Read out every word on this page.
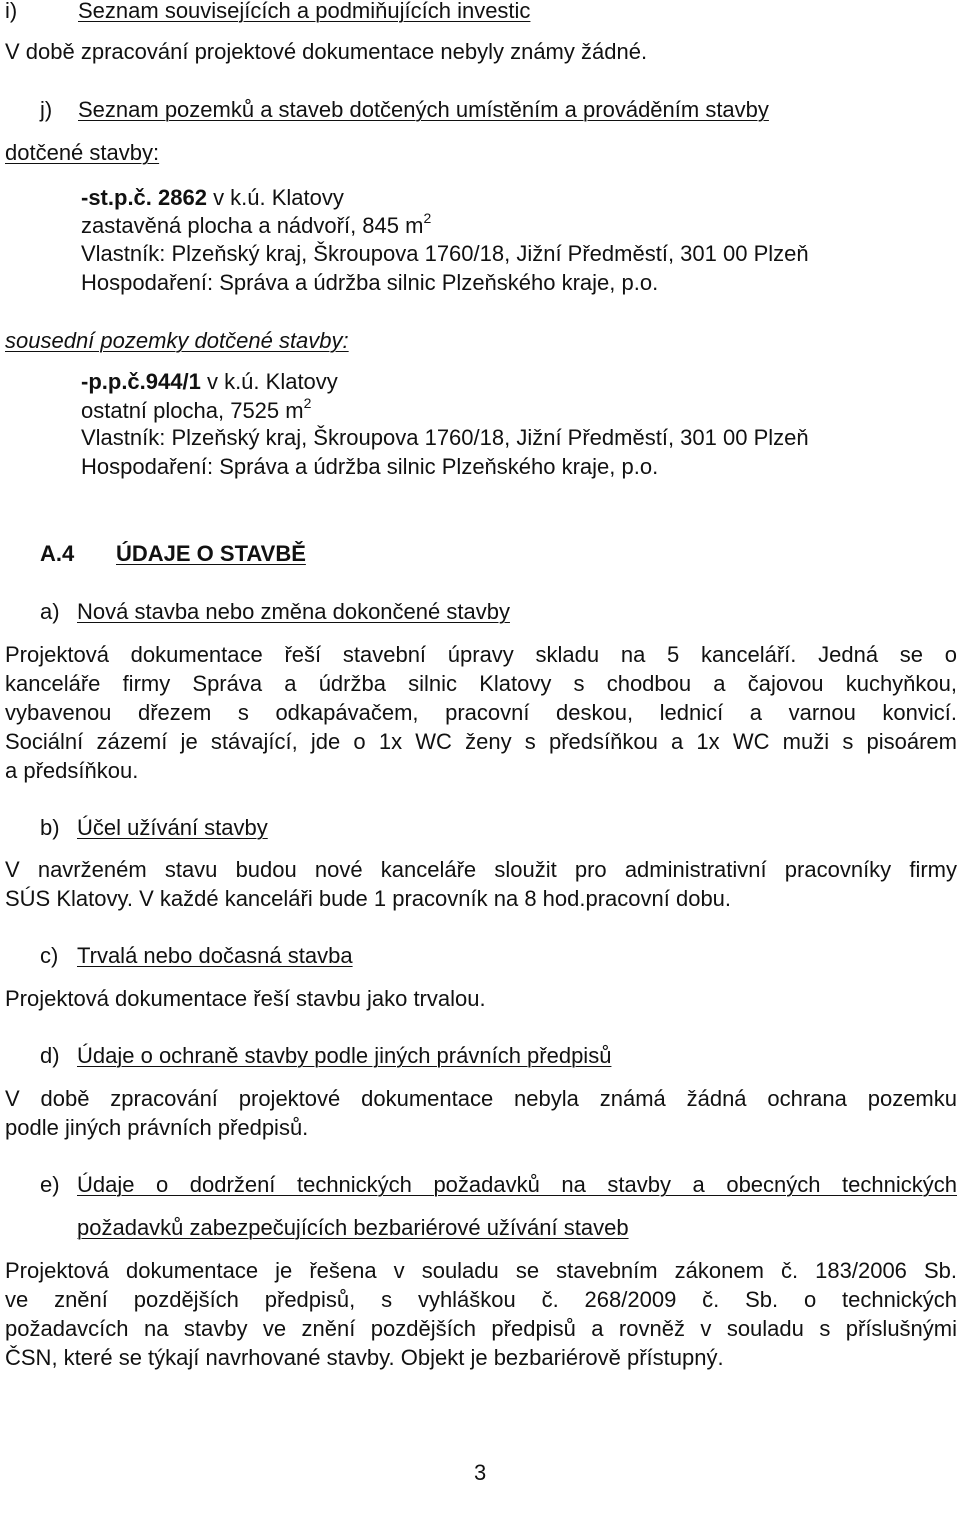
i)	Seznam souvisejících a podmiňujících investic
V době zpracování projektové dokumentace nebyly známy žádné.
j) Seznam pozemků a staveb dotčených umístěním a prováděním stavby
dotčené stavby:
-st.p.č. 2862 v k.ú. Klatovy
zastavěná plocha a nádvoří, 845 $m^2$
Vlastník: Plzeňský kraj, Škroupova 1760/18, Jižní Předměstí, 301 00 Plzeň
Hospodaření: Správa a údržba silnic Plzeňského kraje, p.o.
sousední pozemky dotčené stavby:
-p.p.č.944/1 v k.ú. Klatovy
ostatní plocha, 7525 $m^2$
Vlastník: Plzeňský kraj, Škroupova 1760/18, Jižní Předměstí, 301 00 Plzeň
Hospodaření: Správa a údržba silnic Plzeňského kraje, p.o.
A.4 ÚDAJE O STAVBĚ
a) Nová stavba nebo změna dokončené stavby
Projektová dokumentace řeší stavební úpravy skladu na 5 kanceláří. Jedná se o
kanceláře firmy Správa a údržba silnic Klatovy s chodbou a čajovou kuchyňkou,
vybavenou dřezem s odkapávačem, pracovní deskou, lednicí a varnou konvicí.
Sociální zázemí je stávající, jde o 1x WC ženy s předsíňkou a 1x WC muži s pisoárem
a předsíňkou.
b) Účel užívání stavby
V navrženém stavu budou nové kanceláře sloužit pro administrativní pracovníky firmy
SÚS Klatovy. V každé kanceláři bude 1 pracovník na 8 hod.pracovní dobu.
c) Trvalá nebo dočasná stavba
Projektová dokumentace řeší stavbu jako trvalou.
d) Údaje o ochraně stavby podle jiných právních předpisů
V době zpracování projektové dokumentace nebyla známá žádná ochrana pozemku
podle jiných právních předpisů.
e) Údaje o dodržení technických požadavků na stavby a obecných technických
požadavků zabezpečujících bezbariérové užívání staveb
Projektová dokumentace je řešena v souladu se stavebním zákonem č. 183/2006 Sb.
ve znění pozdějších předpisů, s vyhláškou č. 268/2009 č. Sb. o technických
požadavcích na stavby ve znění pozdějších předpisů a rovněž v souladu s příslušnými
ČSN, které se týkají navrhované stavby. Objekt je bezbariérově přístupný.
3
